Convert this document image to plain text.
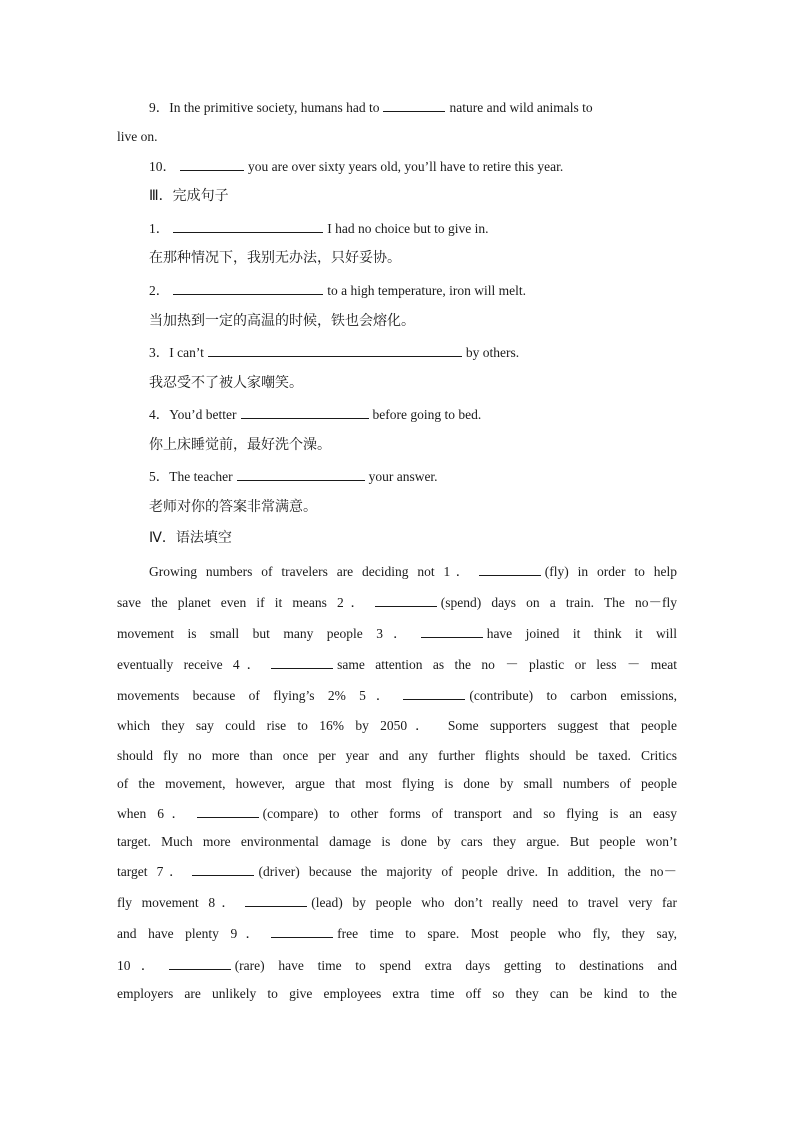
9．In the primitive society, humans had to	nature and wild animals to
live on.
10．	you are over sixty years old, you’ll have to retire this year.
Ⅲ．完成句子
1．	I had no choice but to give in.
在那种情况下，我别无办法，只好妥协。
2．	to a high temperature, iron will melt.
当加热到一定的高温的时候，铁也会熔化。
3．I can’t	by others.
我忍受不了被人家嘲笑。
4．You’d better	before going to bed.
你上床睡觉前，最好洗个澡。
5．The teacher	your answer.
老师对你的答案非常满意。
Ⅳ．语法填空
Growing numbers of travelers are deciding not 1．	(fly) in order to help
save the planet even if it means 2．	(spend) days on a train. The no－fly
movement is small but many people 3．	have joined it think it will
eventually receive 4．	same attention as the no － plastic or less － meat
movements because of flying’s 2% 5．	(contribute) to carbon emissions,
which they say could rise to 16% by 2050． Some supporters suggest that people
should fly no more than once per year and any further flights should be taxed. Critics
of the movement, however, argue that most flying is done by small numbers of people
when 6．	(compare) to other forms of transport and so flying is an easy
target. Much more environmental damage is done by cars they argue. But people won’t
target 7．	(driver) because the majority of people drive. In addition, the no－
fly movement 8．	(lead) by people who don’t really need to travel very far
and have plenty 9．	free time to spare. Most people who fly, they say,
10．	(rare) have time to spend extra days getting to destinations and
employers are unlikely to give employees extra time off so they can be kind to the
